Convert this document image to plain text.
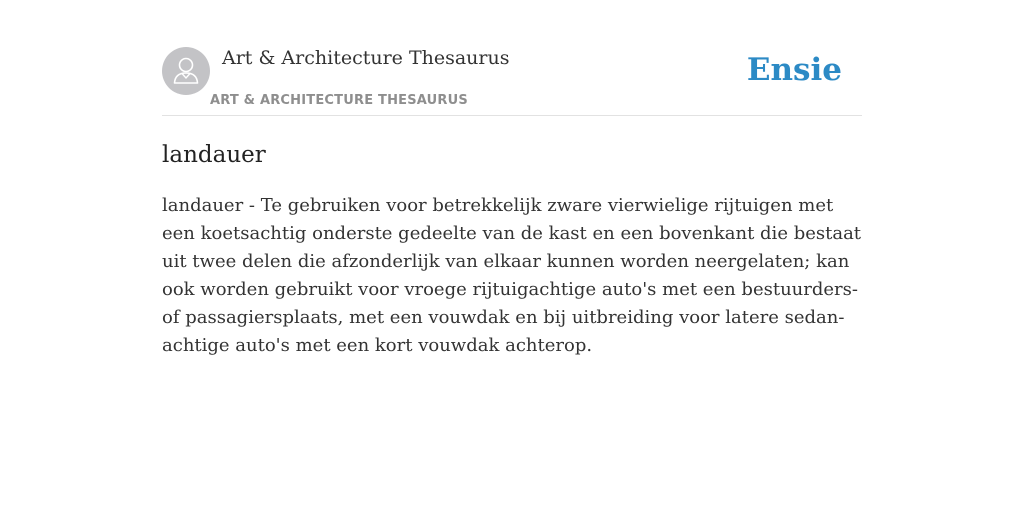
Art & Architecture Thesaurus
ART & ARCHITECTURE THESAURUS
Ensie
landauer

landauer - Te gebruiken voor betrekkelijk zware vierwielige rijtuigen met een koetsachtig onderste gedeelte van de kast en een bovenkant die bestaat uit twee delen die afzonderlijk van elkaar kunnen worden neergelaten; kan ook worden gebruikt voor vroege rijtuigachtige auto's met een bestuurders- of passagiersplaats, met een vouwdak en bij uitbreiding voor latere sedan-achtige auto's met een kort vouwdak achterop.
